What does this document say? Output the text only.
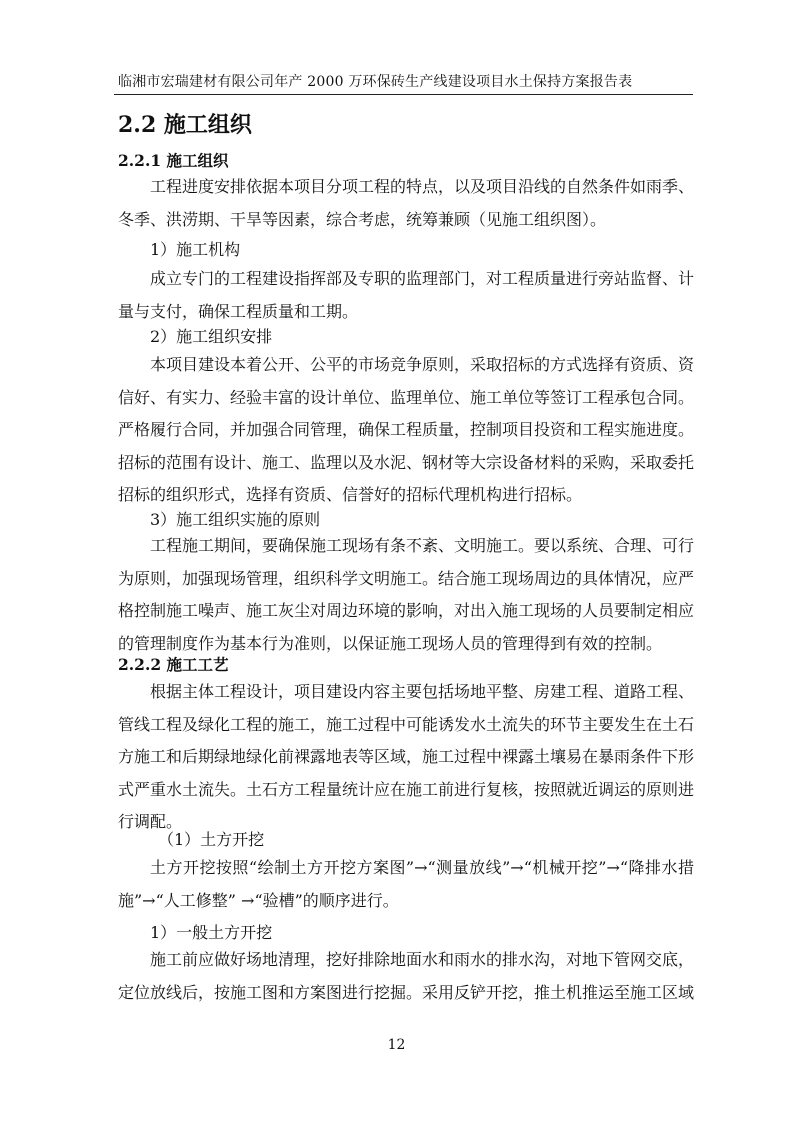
临湘市宏瑞建材有限公司年产 2000 万环保砖生产线建设项目水土保持方案报告表
2.2 施工组织
2.2.1 施工组织

工程进度安排依据本项目分项工程的特点，以及项目沿线的自然条件如雨季、冬季、洪涝期、干旱等因素，综合考虑，统筹兼顾（见施工组织图）。

1）施工机构

成立专门的工程建设指挥部及专职的监理部门，对工程质量进行旁站监督、计量与支付，确保工程质量和工期。

2）施工组织安排

本项目建设本着公开、公平的市场竞争原则，采取招标的方式选择有资质、资信好、有实力、经验丰富的设计单位、监理单位、施工单位等签订工程承包合同。严格履行合同，并加强合同管理，确保工程质量，控制项目投资和工程实施进度。招标的范围有设计、施工、监理以及水泥、钢材等大宗设备材料的采购，采取委托招标的组织形式，选择有资质、信誉好的招标代理机构进行招标。

3）施工组织实施的原则

工程施工期间，要确保施工现场有条不紊、文明施工。要以系统、合理、可行为原则，加强现场管理，组织科学文明施工。结合施工现场周边的具体情况，应严格控制施工噪声、施工灰尘对周边环境的影响，对出入施工现场的人员要制定相应的管理制度作为基本行为准则，以保证施工现场人员的管理得到有效的控制。

2.2.2 施工工艺

根据主体工程设计，项目建设内容主要包括场地平整、房建工程、道路工程、管线工程及绿化工程的施工，施工过程中可能诱发水土流失的环节主要发生在土石方施工和后期绿地绿化前裸露地表等区域，施工过程中裸露土壤易在暴雨条件下形式严重水土流失。土石方工程量统计应在施工前进行复核，按照就近调运的原则进行调配。

（1）土方开挖

土方开挖按照“绘制土方开挖方案图”→“测量放线”→“机械开挖”→“降排水措施”→“人工修整” →“验槽”的顺序进行。

1）一般土方开挖

施工前应做好场地清理，挖好排除地面水和雨水的排水沟，对地下管网交底，定位放线后，按施工图和方案图进行挖掘。采用反铲开挖，推土机推运至施工区域

12
